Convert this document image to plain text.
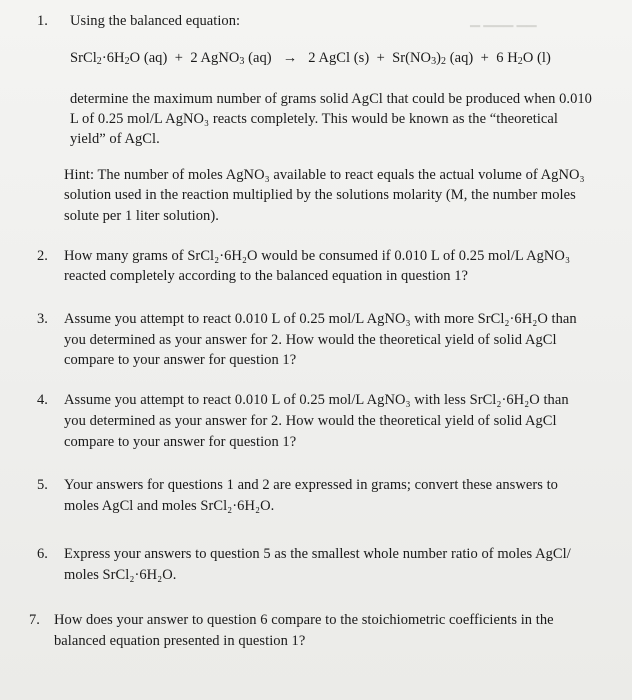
▁ ▁▁▁ ▁▁
1. Using the balanced equation:
$SrCl_2\cdot 6H_2O$ (aq) + 2 AgNO$_3$ (aq) → 2 AgCl $(s) + Sr(NO_3)_2$ (aq) + 6 $H_2O$ (l)
determine the maximum number of grams solid AgCl that could be produced when 0.010
L of 0.25 mol/L AgNO₃ reacts completely. This would be known as the “theoretical
yield” of AgCl.
Hint: The number of moles AgNO₃ available to react equals the actual volume of AgNO₃
solution used in the reaction multiplied by the solutions molarity (M, the number moles
solute per 1 liter solution).
2. How many grams of SrCl₂·6H₂O would be consumed if 0.010 L of 0.25 mol/L AgNO₃
reacted completely according to the balanced equation in question 1?
3. Assume you attempt to react 0.010 L of 0.25 mol/L AgNO₃ with more SrCl₂·6H₂O than
you determined as your answer for 2. How would the theoretical yield of solid AgCl
compare to your answer for question 1?
4. Assume you attempt to react 0.010 L of 0.25 mol/L AgNO₃ with less SrCl₂·6H₂O than
you determined as your answer for 2. How would the theoretical yield of solid AgCl
compare to your answer for question 1?
5. Your answers for questions 1 and 2 are expressed in grams; convert these answers to
moles AgCl and moles SrCl₂·6H₂O.
6. Express your answers to question 5 as the smallest whole number ratio of moles AgCl/
moles SrCl₂·6H₂O.
7. How does your answer to question 6 compare to the stoichiometric coefficients in the
balanced equation presented in question 1?
